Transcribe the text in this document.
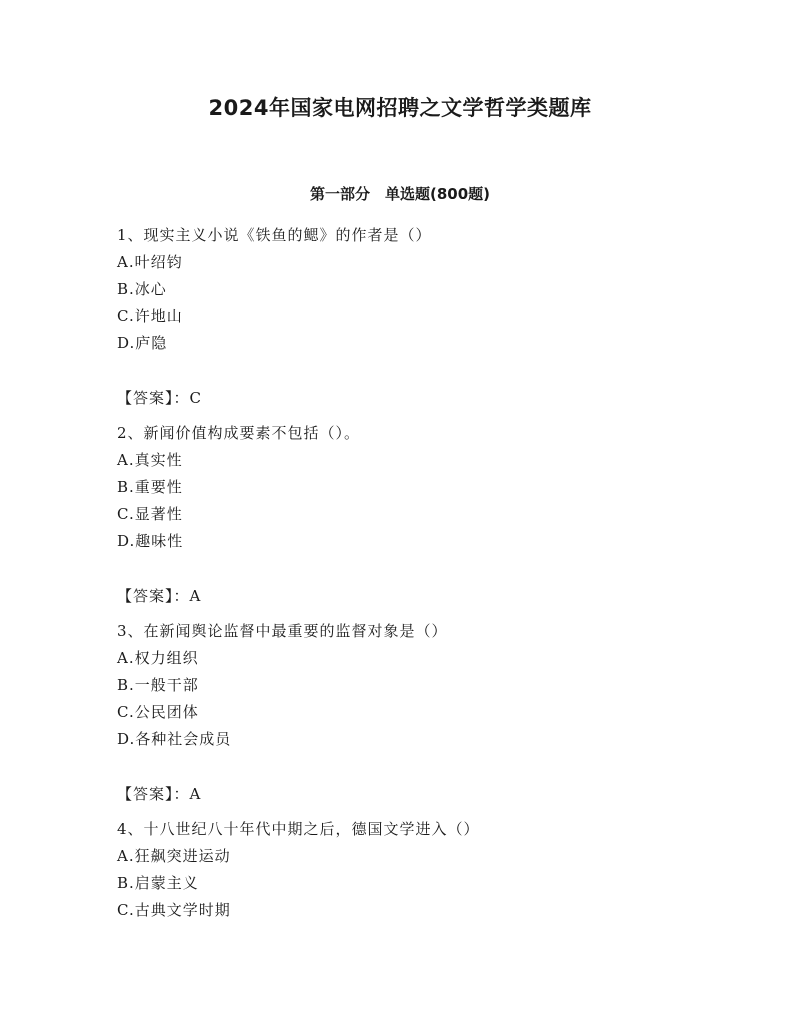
2024年国家电网招聘之文学哲学类题库
第一部分　单选题(800题)
1、现实主义小说《铁鱼的鳃》的作者是（）
A.叶绍钧
B.冰心
C.许地山
D.庐隐
【答案】：C
2、新闻价值构成要素不包括（）。
A.真实性
B.重要性
C.显著性
D.趣味性
【答案】：A
3、在新闻舆论监督中最重要的监督对象是（）
A.权力组织
B.一般干部
C.公民团体
D.各种社会成员
【答案】：A
4、十八世纪八十年代中期之后，德国文学进入（）
A.狂飙突进运动
B.启蒙主义
C.古典文学时期
